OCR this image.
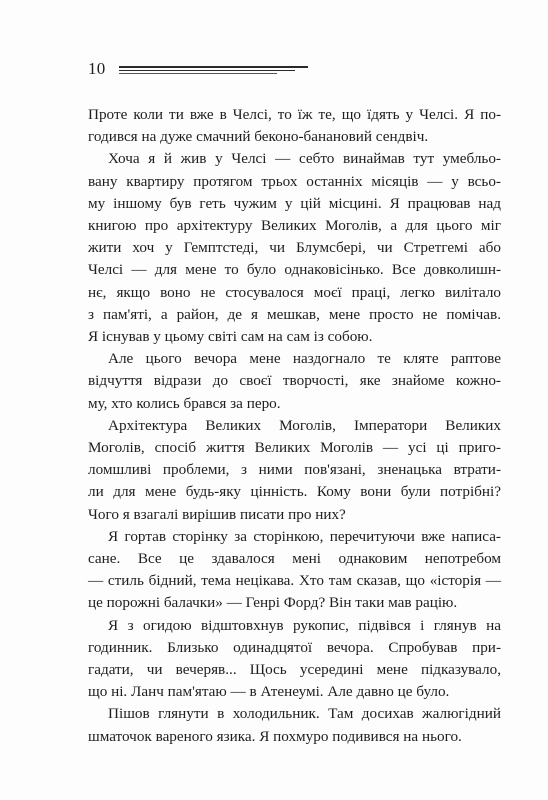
10

Проте коли ти вже в Челсі, то їж те, що їдять у Челсі. Я по-
годився на дуже смачний беконо-банановий сендвіч.

Хоча я й жив у Челсі — себто винаймав тут умебльо-
вану квартиру протягом трьох останніх місяців — у всьо-
му іншому був геть чужим у цій місцині. Я працював над
книгою про архітектуру Великих Моголів, а для цього міг
жити хоч у Гемптстеді, чи Блумсбері, чи Стретгемі або
Челсі — для мене то було однаковісінько. Все довколишн-
нє, якщо воно не стосувалося моєї праці, легко вилітало
з пам'яті, а район, де я мешкав, мене просто не помічав.
Я існував у цьому світі сам на сам із собою.

Але цього вечора мене наздогнало те кляте раптове
відчуття відрази до своєї творчості, яке знайоме кожно-
му, хто колись брався за перо.

Архітектура Великих Моголів, Імператори Великих
Моголів, спосіб життя Великих Моголів — усі ці приго-
ломшливі проблеми, з ними пов'язані, зненацька втрати-
ли для мене будь-яку цінність. Кому вони були потрібні?
Чого я взагалі вирішив писати про них?

Я гортав сторінку за сторінкою, перечитуючи вже написа-
сане. Все це здавалося мені однаковим непотребом
— стиль бідний, тема нецікава. Хто там сказав, що «історія —
це порожні балачки» — Генрі Форд? Він таки мав рацію.

Я з огидою відштовхнув рукопис, підвівся і глянув на
годинник. Близько одинадцятої вечора. Спробував при-
гадати, чи вечеряв... Щось усередині мене підказувало,
що ні. Ланч пам'ятаю — в Атенеумі. Але давно це було.

Пішов глянути в холодильник. Там досихав жалюгідний
шматочок вареного язика. Я похмуро подивився на нього.
